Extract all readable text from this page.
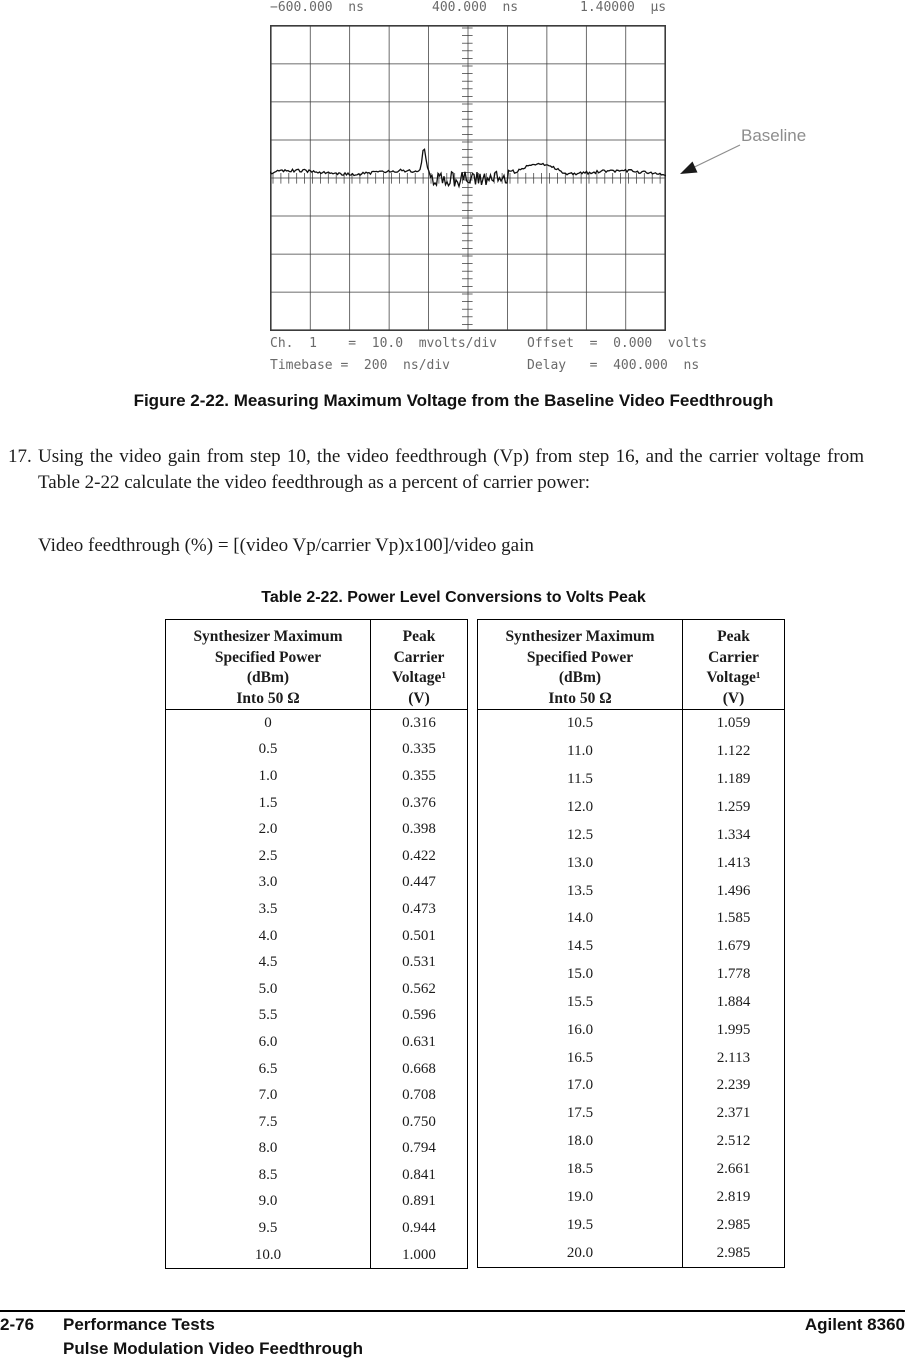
−600.000  ns	400.000  ns	1.40000  µs
Baseline
Ch.  1    =  10.0  mvolts/div Offset  =  0.000  volts
Timebase =  200  ns/div	Delay   =  400.000  ns
Figure 2-22. Measuring Maximum Voltage from the Baseline Video Feedthrough
17. Using the video gain from step 10, the video feedthrough (Vp) from step 16, and the carrier voltage from Table 2-22 calculate the video feedthrough as a percent of carrier power:
Video feedthrough (%) = [(video Vp/carrier Vp)x100]/video gain
Table 2-22. Power Level Conversions to Volts Peak
Synthesizer Maximum
Specified Power
(dBm)
Into 50 Ω

Peak
Carrier
Voltage¹
(V)

0	0.316
0.5	0.335
1.0	0.355
1.5	0.376
2.0	0.398
2.5	0.422
3.0	0.447
3.5	0.473
4.0	0.501
4.5	0.531
5.0	0.562
5.5	0.596
6.0	0.631
6.5	0.668
7.0	0.708
7.5	0.750
8.0	0.794
8.5	0.841
9.0	0.891
9.5	0.944
10.0	1.000

Synthesizer Maximum
Specified Power
(dBm)
Into 50 Ω

Peak
Carrier
Voltage¹
(V)

10.5	1.059
11.0	1.122
11.5	1.189
12.0	1.259
12.5	1.334
13.0	1.413
13.5	1.496
14.0	1.585
14.5	1.679
15.0	1.778
15.5	1.884
16.0	1.995
16.5	2.113
17.0	2.239
17.5	2.371
18.0	2.512
18.5	2.661
19.0	2.819
19.5	2.985
20.0	2.985

2-76 Performance Tests
Pulse Modulation Video Feedthrough
Agilent 8360
